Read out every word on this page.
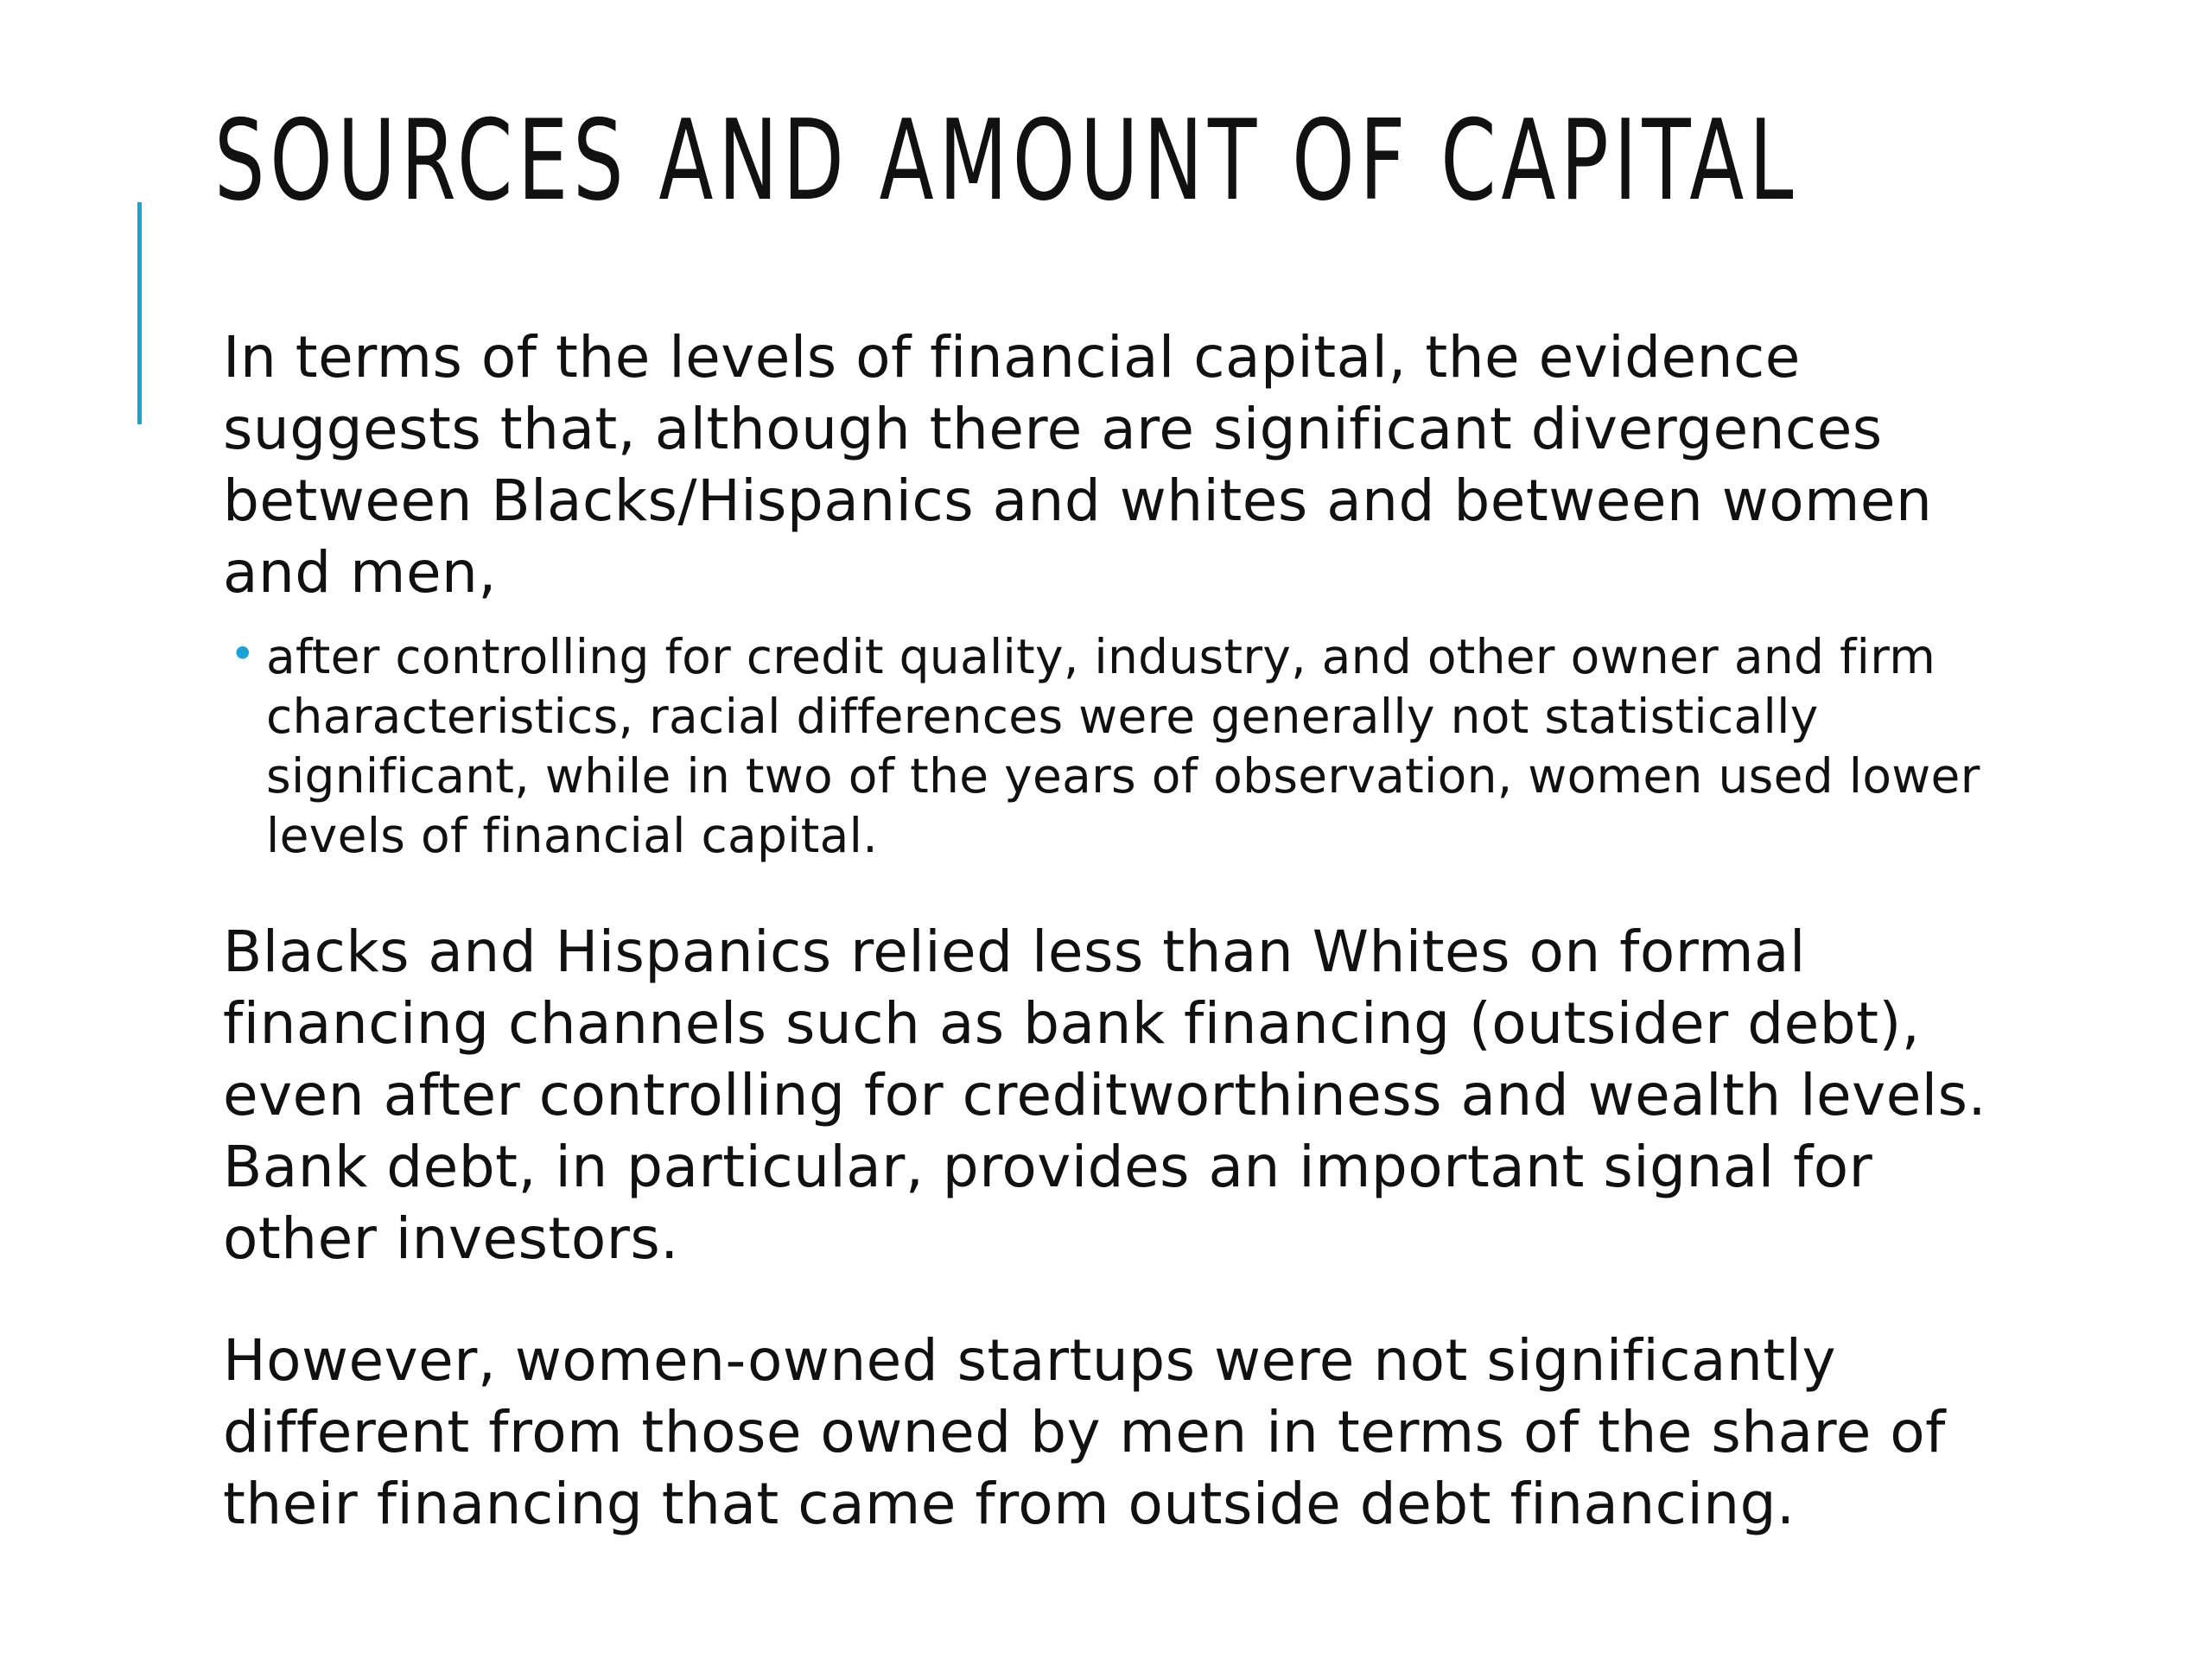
SOURCES AND AMOUNT OF CAPITAL

In terms of the levels of financial capital, the evidence suggests that, although there are significant divergences between Blacks/Hispanics and whites and between women and men,

• after controlling for credit quality, industry, and other owner and firm characteristics, racial differences were generally not statistically significant, while in two of the years of observation, women used lower levels of financial capital.

Blacks and Hispanics relied less than Whites on formal financing channels such as bank financing (outsider debt), even after controlling for creditworthiness and wealth levels. Bank debt, in particular, provides an important signal for other investors.

However, women-owned startups were not significantly different from those owned by men in terms of the share of their financing that came from outside debt financing.
